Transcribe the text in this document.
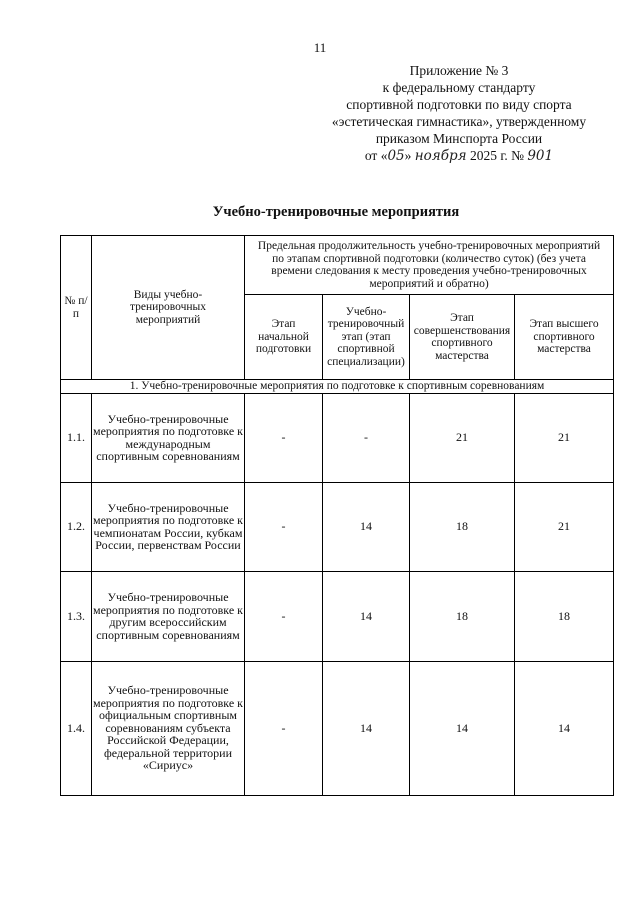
11
Приложение № 3
к федеральному стандарту
спортивной подготовки по виду спорта
«эстетическая гимнастика», утвержденному
приказом Минспорта России
от «05» ноября 2025 г. № 901
Учебно-тренировочные мероприятия
№ п/п	Виды учебно-тренировочных мероприятий	Предельная продолжительность учебно-тренировочных мероприятий по этапам спортивной подготовки (количество суток) (без учета времени следования к месту проведения учебно-тренировочных мероприятий и обратно)			
		Этап начальной подготовки	Учебно-тренировочный этап (этап спортивной специализации)	Этап совершенствования спортивного мастерства	Этап высшего спортивного мастерства
1. Учебно-тренировочные мероприятия по подготовке к спортивным соревнованиям					
1.1.	Учебно-тренировочные мероприятия по подготовке к международным спортивным соревнованиям	-	-	21	21
1.2.	Учебно-тренировочные мероприятия по подготовке к чемпионатам России, кубкам России, первенствам России	-	14	18	21
1.3.	Учебно-тренировочные мероприятия по подготовке к другим всероссийским спортивным соревнованиям	-	14	18	18
1.4.	Учебно-тренировочные мероприятия по подготовке к официальным спортивным соревнованиям субъекта Российской Федерации, федеральной территории «Сириус»	-	14	14	14
